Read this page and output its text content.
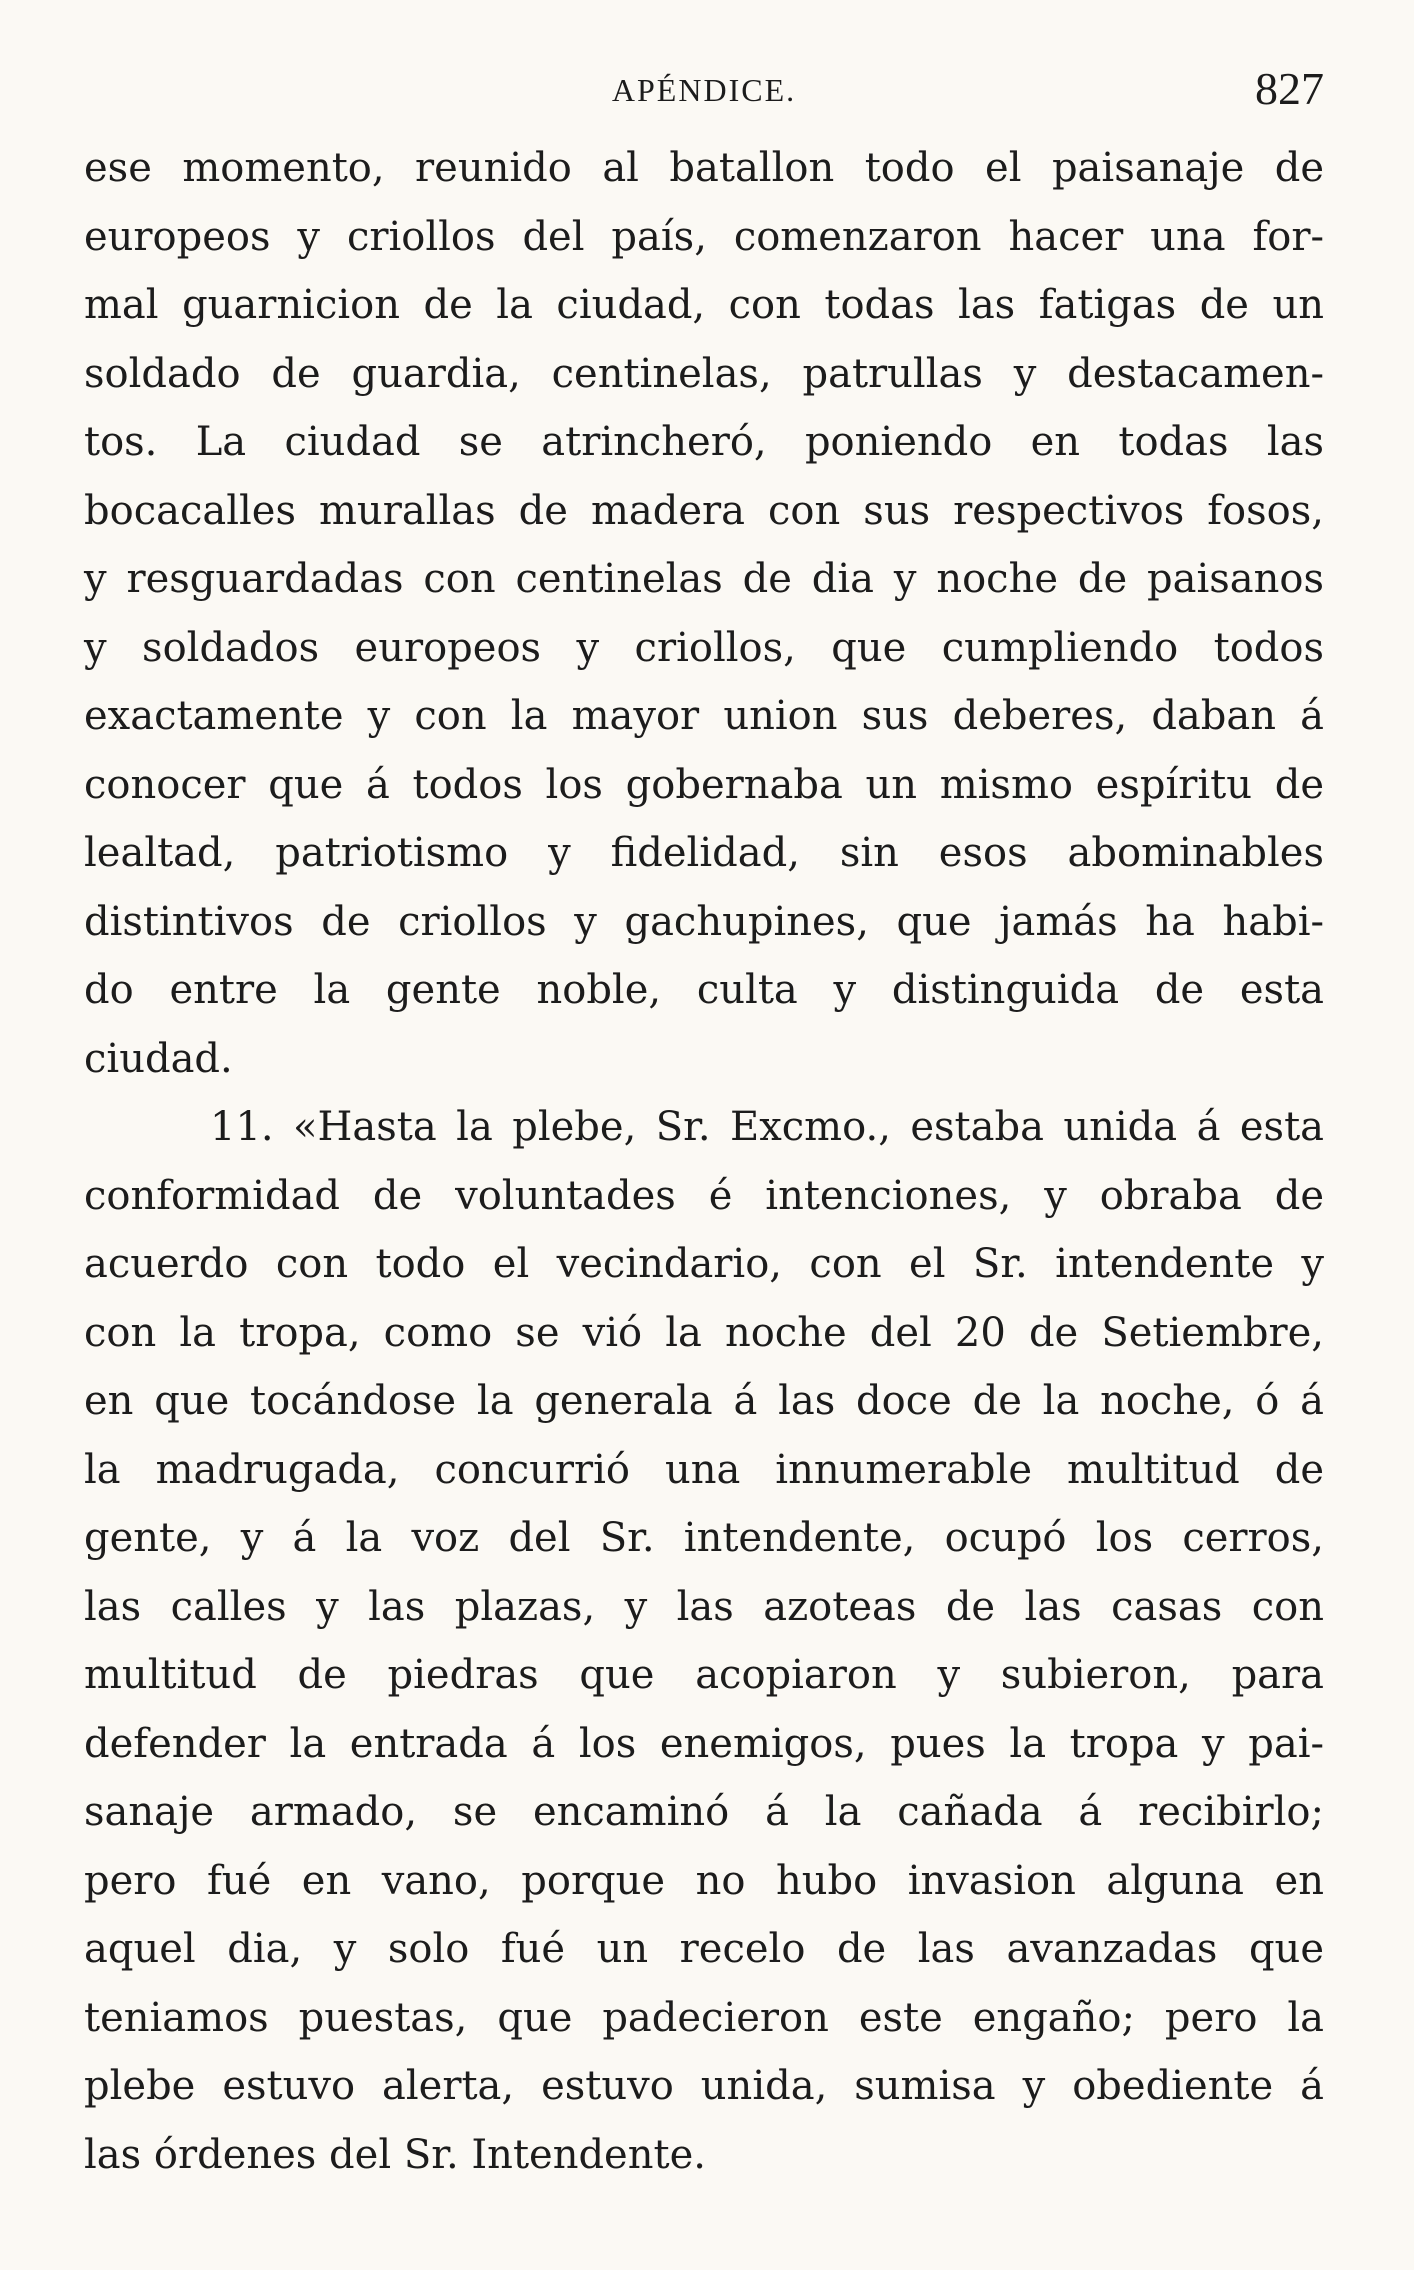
APÉNDICE.	827
ese momento, reunido al batallon todo el paisanaje de
europeos y criollos del país, comenzaron hacer una for-
mal guarnicion de la ciudad, con todas las fatigas de un
soldado de guardia, centinelas, patrullas y destacamen-
tos. La ciudad se atrincheró, poniendo en todas las
bocacalles murallas de madera con sus respectivos fosos,
y resguardadas con centinelas de dia y noche de paisanos
y soldados europeos y criollos, que cumpliendo todos
exactamente y con la mayor union sus deberes, daban á
conocer que á todos los gobernaba un mismo espíritu de
lealtad, patriotismo y fidelidad, sin esos abominables
distintivos de criollos y gachupines, que jamás ha habi-
do entre la gente noble, culta y distinguida de esta
ciudad.
11. «Hasta la plebe, Sr. Excmo., estaba unida á esta
conformidad de voluntades é intenciones, y obraba de
acuerdo con todo el vecindario, con el Sr. intendente y
con la tropa, como se vió la noche del 20 de Setiembre,
en que tocándose la generala á las doce de la noche, ó á
la madrugada, concurrió una innumerable multitud de
gente, y á la voz del Sr. intendente, ocupó los cerros,
las calles y las plazas, y las azoteas de las casas con
multitud de piedras que acopiaron y subieron, para
defender la entrada á los enemigos, pues la tropa y pai-
sanaje armado, se encaminó á la cañada á recibirlo;
pero fué en vano, porque no hubo invasion alguna en
aquel dia, y solo fué un recelo de las avanzadas que
teniamos puestas, que padecieron este engaño; pero la
plebe estuvo alerta, estuvo unida, sumisa y obediente á
las órdenes del Sr. Intendente.
